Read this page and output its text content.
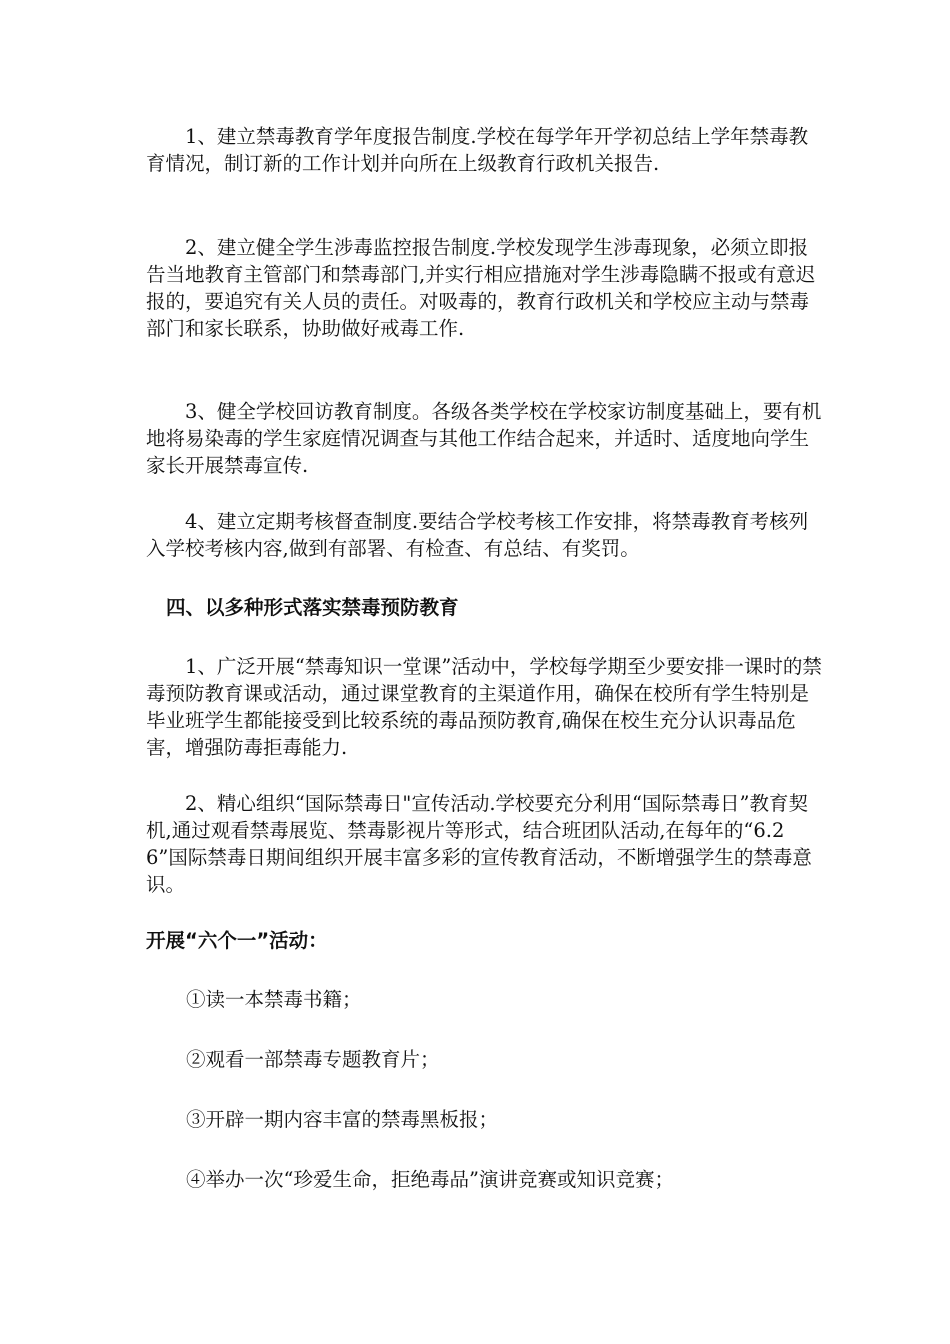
1、建立禁毒教育学年度报告制度.学校在每学年开学初总结上学年禁毒教育情况，制订新的工作计划并向所在上级教育行政机关报告.

2、建立健全学生涉毒监控报告制度.学校发现学生涉毒现象，必须立即报告当地教育主管部门和禁毒部门,并实行相应措施对学生涉毒隐瞒不报或有意迟报的，要追究有关人员的责任。对吸毒的，教育行政机关和学校应主动与禁毒部门和家长联系，协助做好戒毒工作.

3、健全学校回访教育制度。各级各类学校在学校家访制度基础上，要有机地将易染毒的学生家庭情况调查与其他工作结合起来，并适时、适度地向学生家长开展禁毒宣传.

4、建立定期考核督查制度.要结合学校考核工作安排，将禁毒教育考核列入学校考核内容,做到有部署、有检查、有总结、有奖罚。

四、以多种形式落实禁毒预防教育

1、广泛开展“禁毒知识一堂课”活动中，学校每学期至少要安排一课时的禁毒预防教育课或活动，通过课堂教育的主渠道作用，确保在校所有学生特别是毕业班学生都能接受到比较系统的毒品预防教育,确保在校生充分认识毒品危害，增强防毒拒毒能力.

2、精心组织“国际禁毒日"宣传活动.学校要充分利用“国际禁毒日”教育契机,通过观看禁毒展览、禁毒影视片等形式，结合班团队活动,在每年的“6.26”国际禁毒日期间组织开展丰富多彩的宣传教育活动，不断增强学生的禁毒意识。

开展“六个一”活动：

①读一本禁毒书籍；

②观看一部禁毒专题教育片；

③开辟一期内容丰富的禁毒黑板报；

④举办一次“珍爱生命，拒绝毒品”演讲竞赛或知识竞赛；
